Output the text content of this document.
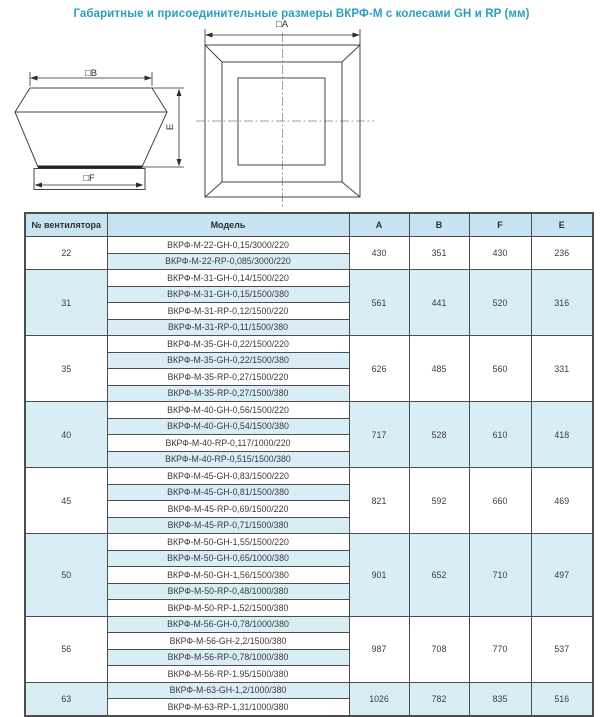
Габаритные и присоединительные размеры ВКРФ-М с колесами GH и RP (мм)
□B
□F
E
□A
№ вентилятора	Модель	A	B	F	E
22	ВКРФ-М-22-GH-0,15/3000/220	430	351	430	236
	ВКРФ-М-22-RP-0,085/3000/220				
31	ВКРФ-М-31-GH-0,14/1500/220	561	441	520	316
	ВКРФ-М-31-GH-0,15/1500/380				
	ВКРФ-М-31-RP-0,12/1500/220				
	ВКРФ-М-31-RP-0,11/1500/380				
35	ВКРФ-М-35-GH-0,22/1500/220	626	485	560	331
	ВКРФ-М-35-GH-0,22/1500/380				
	ВКРФ-М-35-RP-0,27/1500/220				
	ВКРФ-М-35-RP-0,27/1500/380				
40	ВКРФ-М-40-GH-0,56/1500/220	717	528	610	418
	ВКРФ-М-40-GH-0,54/1500/380				
	ВКРФ-М-40-RP-0,117/1000/220				
	ВКРФ-М-40-RP-0,515/1500/380				
45	ВКРФ-М-45-GH-0,83/1500/220	821	592	660	469
	ВКРФ-М-45-GH-0,81/1500/380				
	ВКРФ-М-45-RP-0,69/1500/220				
	ВКРФ-М-45-RP-0,71/1500/380				
50	ВКРФ-М-50-GH-1,55/1500/220	901	652	710	497
	ВКРФ-М-50-GH-0,65/1000/380				
	ВКРФ-М-50-GH-1,56/1500/380				
	ВКРФ-М-50-RP-0,48/1000/380				
	ВКРФ-М-50-RP-1,52/1500/380				
56	ВКРФ-М-56-GH-0,78/1000/380	987	708	770	537
	ВКРФ-М-56-GH-2,2/1500/380				
	ВКРФ-М-56-RP-0,78/1000/380				
	ВКРФ-М-56-RP-1.95/1500/380				
63	ВКРФ-М-63-GH-1,2/1000/380	1026	782	835	516
	ВКРФ-М-63-RP-1,31/1000/380				
